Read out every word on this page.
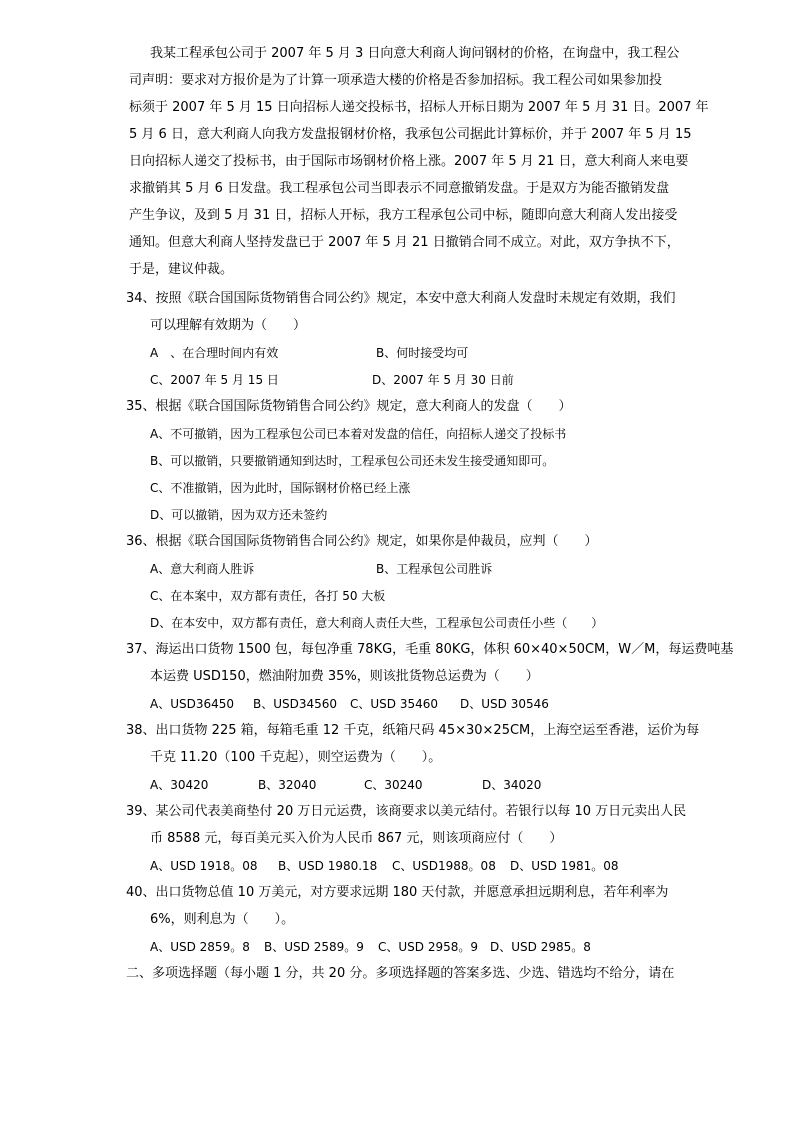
我某工程承包公司于 2007 年 5 月 3 日向意大利商人询问钢材的价格，在询盘中，我工程公
司声明：要求对方报价是为了计算一项承造大楼的价格是否参加招标。我工程公司如果参加投
标须于 2007 年 5 月 15 日向招标人递交投标书，招标人开标日期为 2007 年 5 月 31 日。2007 年
5 月 6 日，意大利商人向我方发盘报钢材价格，我承包公司据此计算标价，并于 2007 年 5 月 15
日向招标人递交了投标书，由于国际市场钢材价格上涨。2007 年 5 月 21 日，意大利商人来电要
求撤销其 5 月 6 日发盘。我工程承包公司当即表示不同意撤销发盘。于是双方为能否撤销发盘
产生争议，及到 5 月 31 日，招标人开标，我方工程承包公司中标，随即向意大利商人发出接受
通知。但意大利商人坚持发盘已于 2007 年 5 月 21 日撤销合同不成立。对此，双方争执不下，
于是，建议仲裁。
34、按照《联合国国际货物销售合同公约》规定，本安中意大利商人发盘时未规定有效期，我们
可以理解有效期为（　　）
A　、在合理时间内有效	B、何时接受均可
C、2007 年 5 月 15 日	D、2007 年 5 月 30 日前
35、根据《联合国国际货物销售合同公约》规定，意大利商人的发盘（　　）
A、不可撤销，因为工程承包公司已本着对发盘的信任，向招标人递交了投标书
B、可以撤销，只要撤销通知到达时，工程承包公司还未发生接受通知即可。
C、不准撤销，因为此时，国际钢材价格已经上涨
D、可以撤销，因为双方还未签约
36、根据《联合国国际货物销售合同公约》规定，如果你是仲裁员，应判（　　）
A、意大利商人胜诉	B、工程承包公司胜诉
C、在本案中，双方都有责任，各打 50 大板
D、在本安中，双方都有责任，意大利商人责任大些，工程承包公司责任小些（　　）
37、海运出口货物 1500 包，每包净重 78KG，毛重 80KG，体积 60×40×50CM，W／M，每运费吨基
本运费 USD150，燃油附加费 35%，则该批货物总运费为（　　）
A、USD36450 B、USD34560 C、USD 35460 D、USD 30546
38、出口货物 225 箱，每箱毛重 12 千克，纸箱尺码 45×30×25CM，上海空运至香港，运价为每
千克 11.20（100 千克起），则空运费为（　　）。
A、30420	B、32040	C、30240	D、34020
39、某公司代表美商垫付 20 万日元运费，该商要求以美元结付。若银行以每 10 万日元卖出人民
币 8588 元，每百美元买入价为人民币 867 元，则该项商应付（　　）
A、USD 1918。08 B、USD 1980.18 C、USD1988。08 D、USD 1981。08
40、出口货物总值 10 万美元，对方要求远期 180 天付款，并愿意承担远期利息，若年利率为
6%，则利息为（　　）。
A、USD 2859。8 B、USD 2589。9 C、USD 2958。9 D、USD 2985。8
二、多项选择题（每小题 1 分，共 20 分。多项选择题的答案多选、少选、错选均不给分，请在
